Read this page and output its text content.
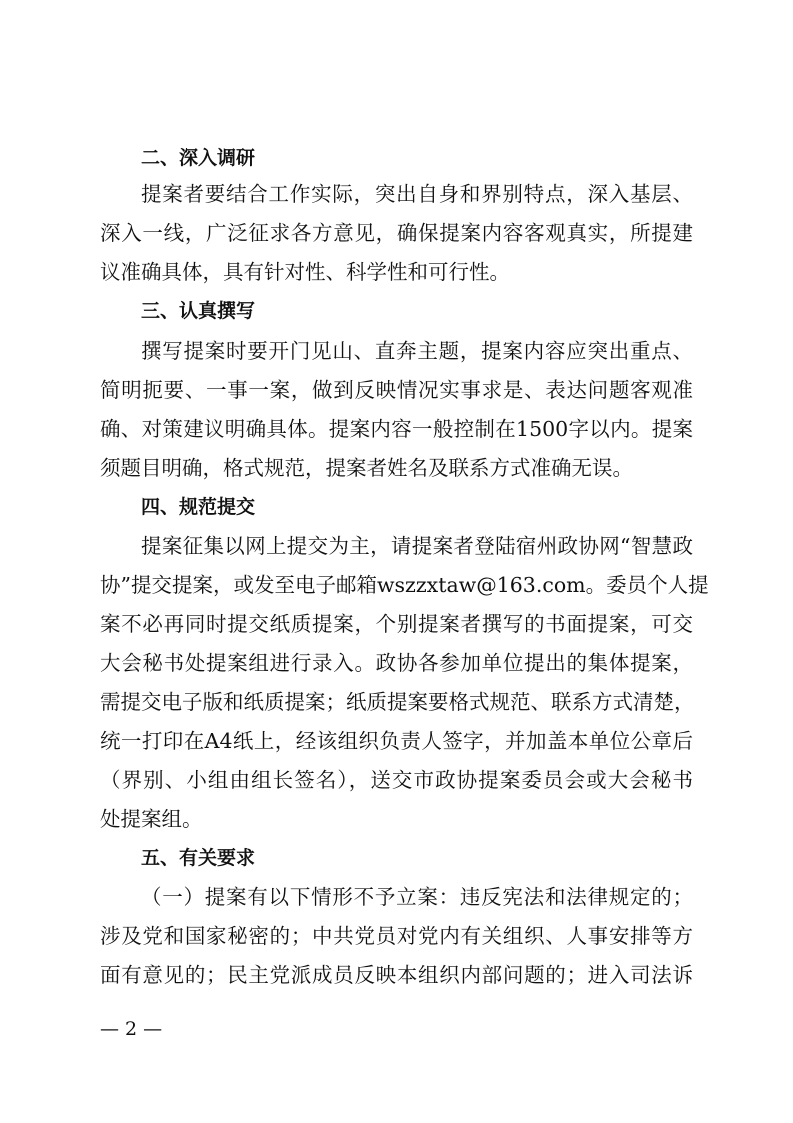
二、深入调研
提案者要结合工作实际，突出自身和界别特点，深入基层、
深入一线，广泛征求各方意见，确保提案内容客观真实，所提建
议准确具体，具有针对性、科学性和可行性。
三、认真撰写
撰写提案时要开门见山、直奔主题，提案内容应突出重点、
简明扼要、一事一案，做到反映情况实事求是、表达问题客观准
确、对策建议明确具体。提案内容一般控制在1500字以内。提案
须题目明确，格式规范，提案者姓名及联系方式准确无误。
四、规范提交
提案征集以网上提交为主，请提案者登陆宿州政协网“智慧政
协”提交提案，或发至电子邮箱wszzxtaw@163.com。委员个人提
案不必再同时提交纸质提案，个别提案者撰写的书面提案，可交
大会秘书处提案组进行录入。政协各参加单位提出的集体提案，
需提交电子版和纸质提案；纸质提案要格式规范、联系方式清楚，
统一打印在A4纸上，经该组织负责人签字，并加盖本单位公章后
（界别、小组由组长签名），送交市政协提案委员会或大会秘书
处提案组。
五、有关要求
（一）提案有以下情形不予立案：违反宪法和法律规定的；
涉及党和国家秘密的；中共党员对党内有关组织、人事安排等方
面有意见的；民主党派成员反映本组织内部问题的；进入司法诉
— 2 —
